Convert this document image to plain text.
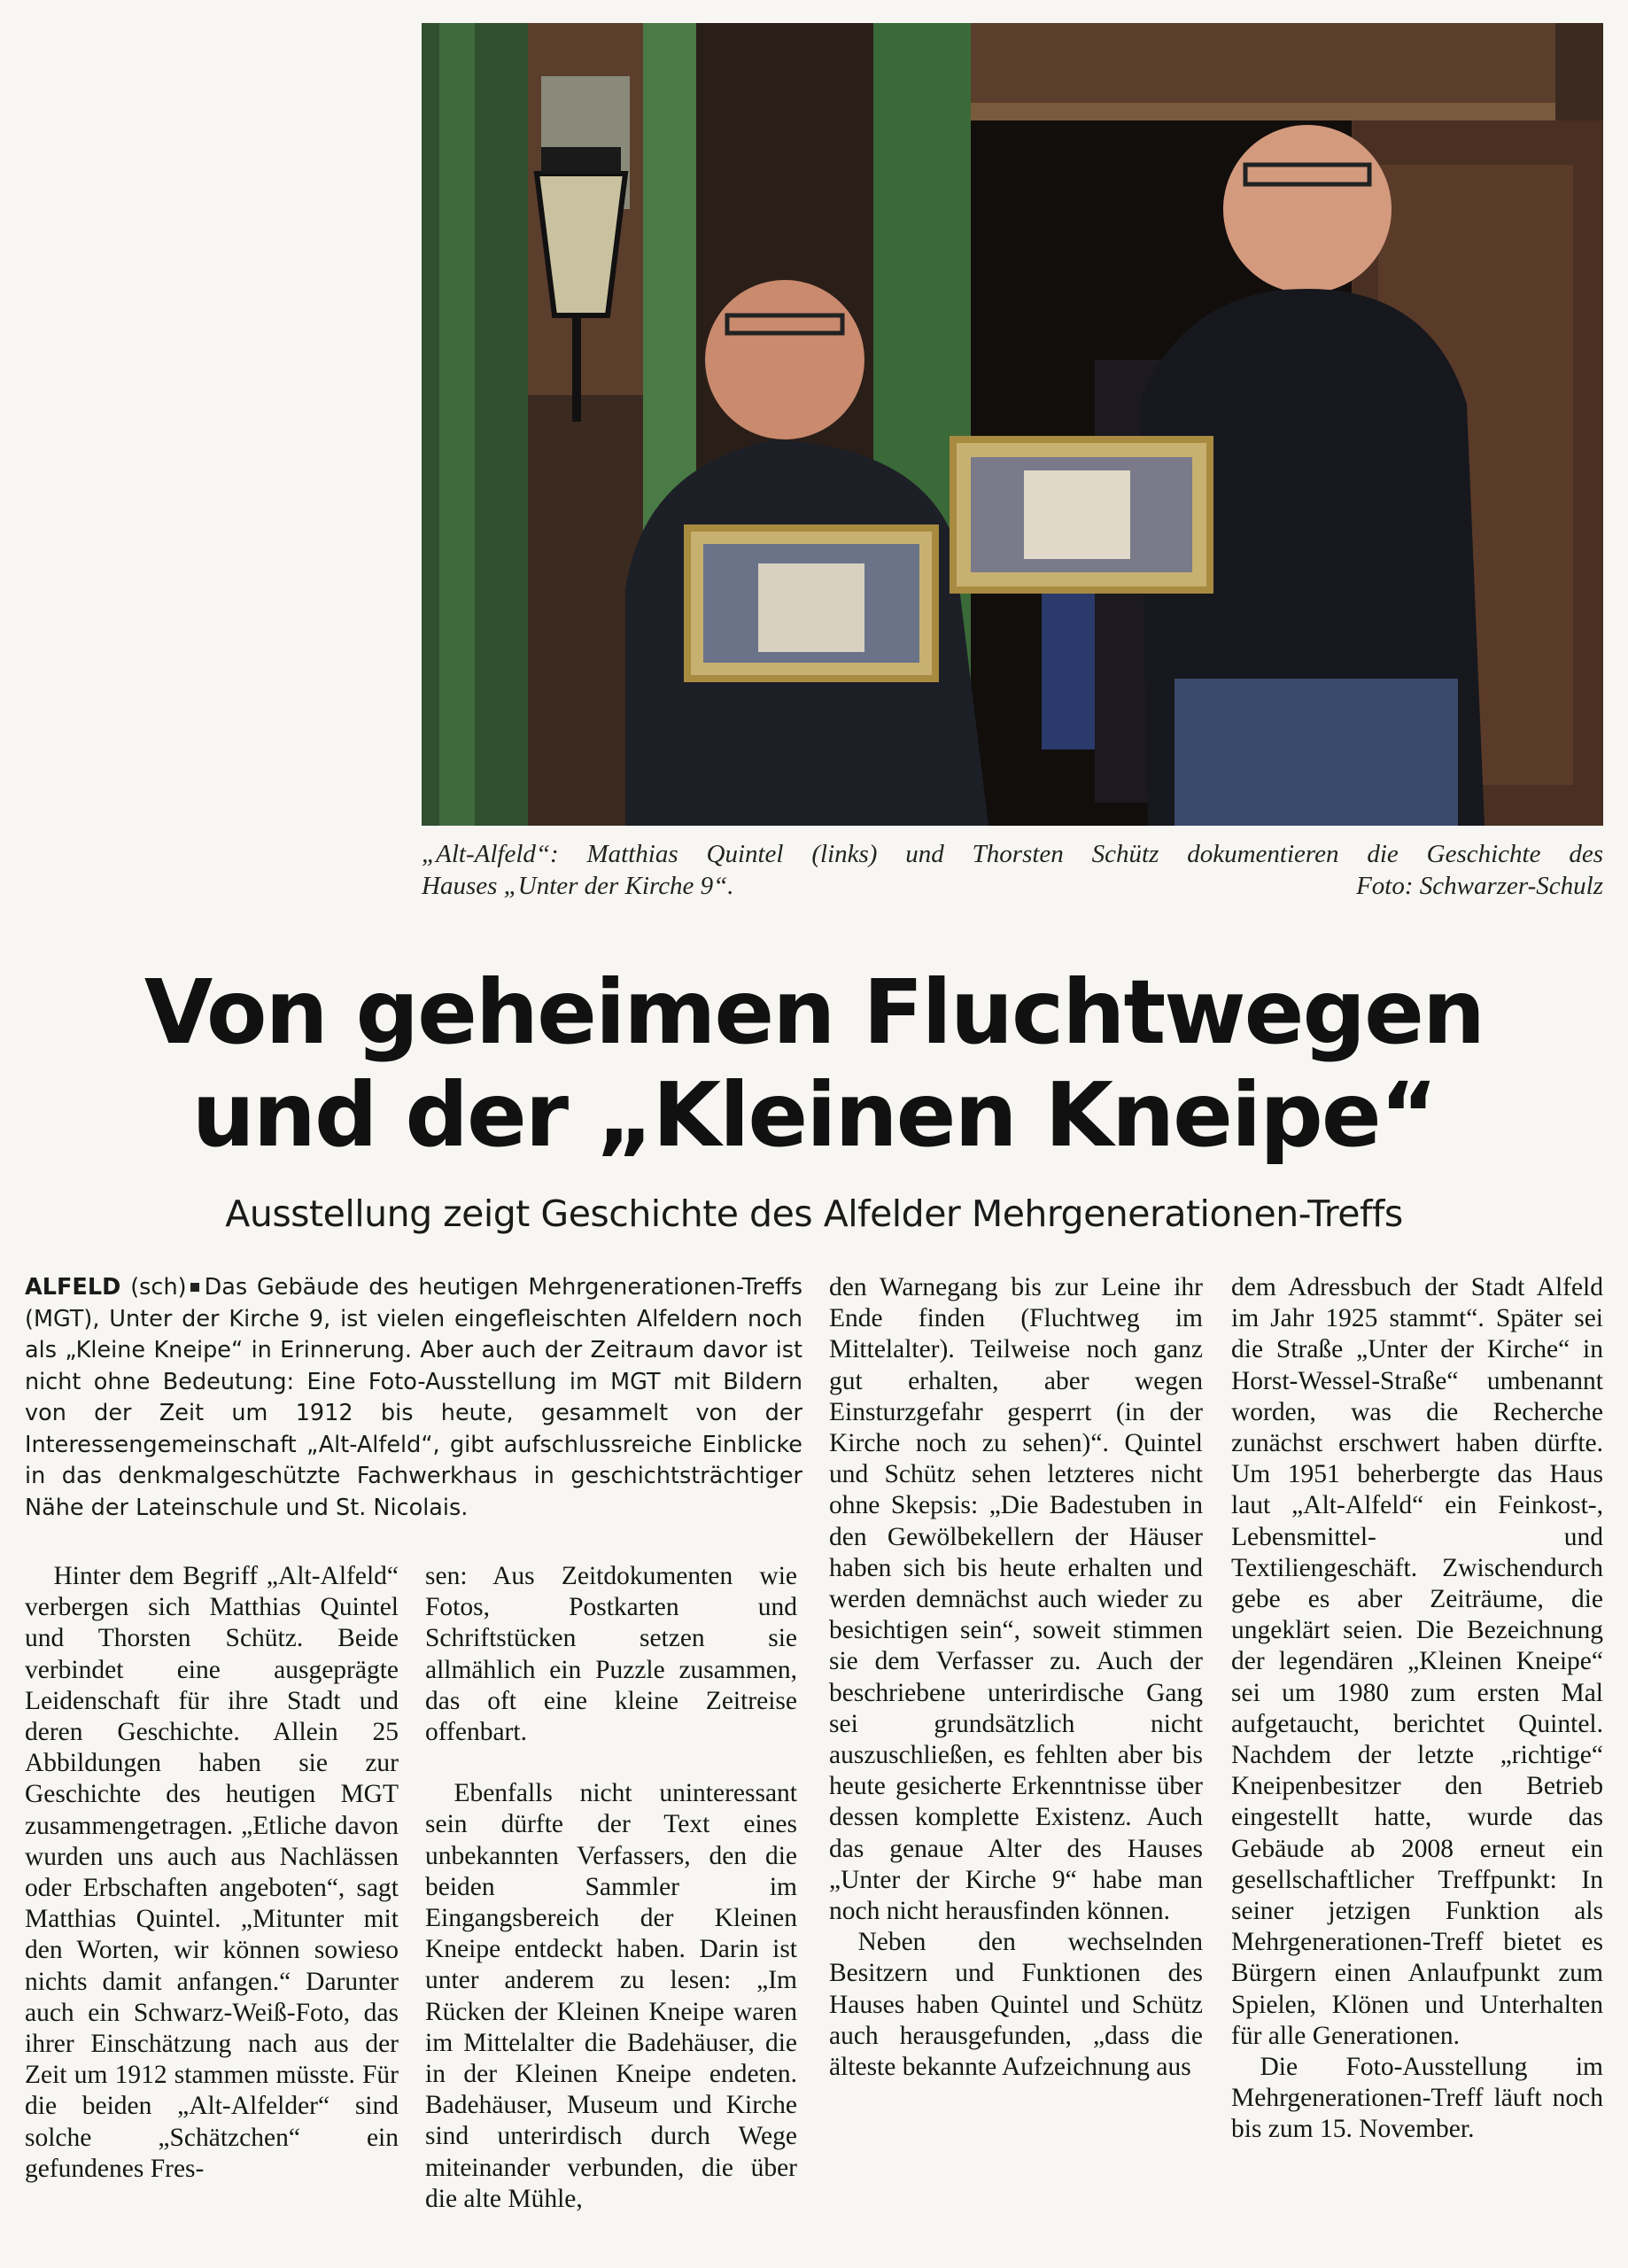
„Alt-Alfeld“: Matthias Quintel (links) und Thorsten Schütz dokumentieren die Geschichte des
Hauses „Unter der Kirche 9“.	Foto: Schwarzer-Schulz
Von geheimen Fluchtwegen
und der „Kleinen Kneipe“
Ausstellung zeigt Geschichte des Alfelder Mehrgenerationen-Treffs
ALFELD (sch) Das Gebäude des heutigen Mehrgenerationen-Treffs (MGT), Unter der Kirche 9, ist vielen eingefleischten Alfeldern noch als „Kleine Kneipe“ in Erinnerung. Aber auch der Zeitraum davor ist nicht ohne Bedeutung: Eine Foto-Ausstellung im MGT mit Bildern von der Zeit um 1912 bis heute, gesammelt von der Interessengemeinschaft „Alt-Alfeld“, gibt aufschlussreiche Einblicke in das denkmalgeschützte Fachwerkhaus in geschichtsträchtiger Nähe der Lateinschule und St. Nicolais.

Hinter dem Begriff „Alt-Alfeld“ verbergen sich Matthias Quintel und Thorsten Schütz. Beide verbindet eine ausgeprägte Leidenschaft für ihre Stadt und deren Geschichte. Allein 25 Abbildungen haben sie zur Geschichte des heutigen MGT zusammengetragen. „Etliche davon wurden uns auch aus Nachlässen oder Erbschaften angeboten“, sagt Matthias Quintel. „Mitunter mit den Worten, wir können sowieso nichts damit anfangen.“ Darunter auch ein Schwarz-Weiß-Foto, das ihrer Einschätzung nach aus der Zeit um 1912 stammen müsste. Für die beiden „Alt-Alfelder“ sind solche „Schätzchen“ ein gefundenes Fres-

sen: Aus Zeitdokumenten wie Fotos, Postkarten und Schriftstücken setzen sie allmählich ein Puzzle zusammen, das oft eine kleine Zeitreise offenbart.

Ebenfalls nicht uninteressant sein dürfte der Text eines unbekannten Verfassers, den die beiden Sammler im Eingangsbereich der Kleinen Kneipe entdeckt haben. Darin ist unter anderem zu lesen: „Im Rücken der Kleinen Kneipe waren im Mittelalter die Badehäuser, die in der Kleinen Kneipe endeten. Badehäuser, Museum und Kirche sind unterirdisch durch Wege miteinander verbunden, die über die alte Mühle,

den Warnegang bis zur Leine ihr Ende finden (Fluchtweg im Mittelalter). Teilweise noch ganz gut erhalten, aber wegen Einsturzgefahr gesperrt (in der Kirche noch zu sehen)“. Quintel und Schütz sehen letzteres nicht ohne Skepsis: „Die Badestuben in den Gewölbekellern der Häuser haben sich bis heute erhalten und werden demnächst auch wieder zu besichtigen sein“, soweit stimmen sie dem Verfasser zu. Auch der beschriebene unterirdische Gang sei grundsätzlich nicht auszuschließen, es fehlten aber bis heute gesicherte Erkenntnisse über dessen komplette Existenz. Auch das genaue Alter des Hauses „Unter der Kirche 9“ habe man noch nicht herausfinden können.

Neben den wechselnden Besitzern und Funktionen des Hauses haben Quintel und Schütz auch herausgefunden, „dass die älteste bekannte Aufzeichnung aus

dem Adressbuch der Stadt Alfeld im Jahr 1925 stammt“. Später sei die Straße „Unter der Kirche“ in Horst-Wessel-Straße“ umbenannt worden, was die Recherche zunächst erschwert haben dürfte. Um 1951 beherbergte das Haus laut „Alt-Alfeld“ ein Feinkost-, Lebensmittel- und Textiliengeschäft. Zwischendurch gebe es aber Zeiträume, die ungeklärt seien. Die Bezeichnung der legendären „Kleinen Kneipe“ sei um 1980 zum ersten Mal aufgetaucht, berichtet Quintel. Nachdem der letzte „richtige“ Kneipenbesitzer den Betrieb eingestellt hatte, wurde das Gebäude ab 2008 erneut ein gesellschaftlicher Treffpunkt: In seiner jetzigen Funktion als Mehrgenerationen-Treff bietet es Bürgern einen Anlaufpunkt zum Spielen, Klönen und Unterhalten für alle Generationen.

Die Foto-Ausstellung im Mehrgenerationen-Treff läuft noch bis zum 15. November.
